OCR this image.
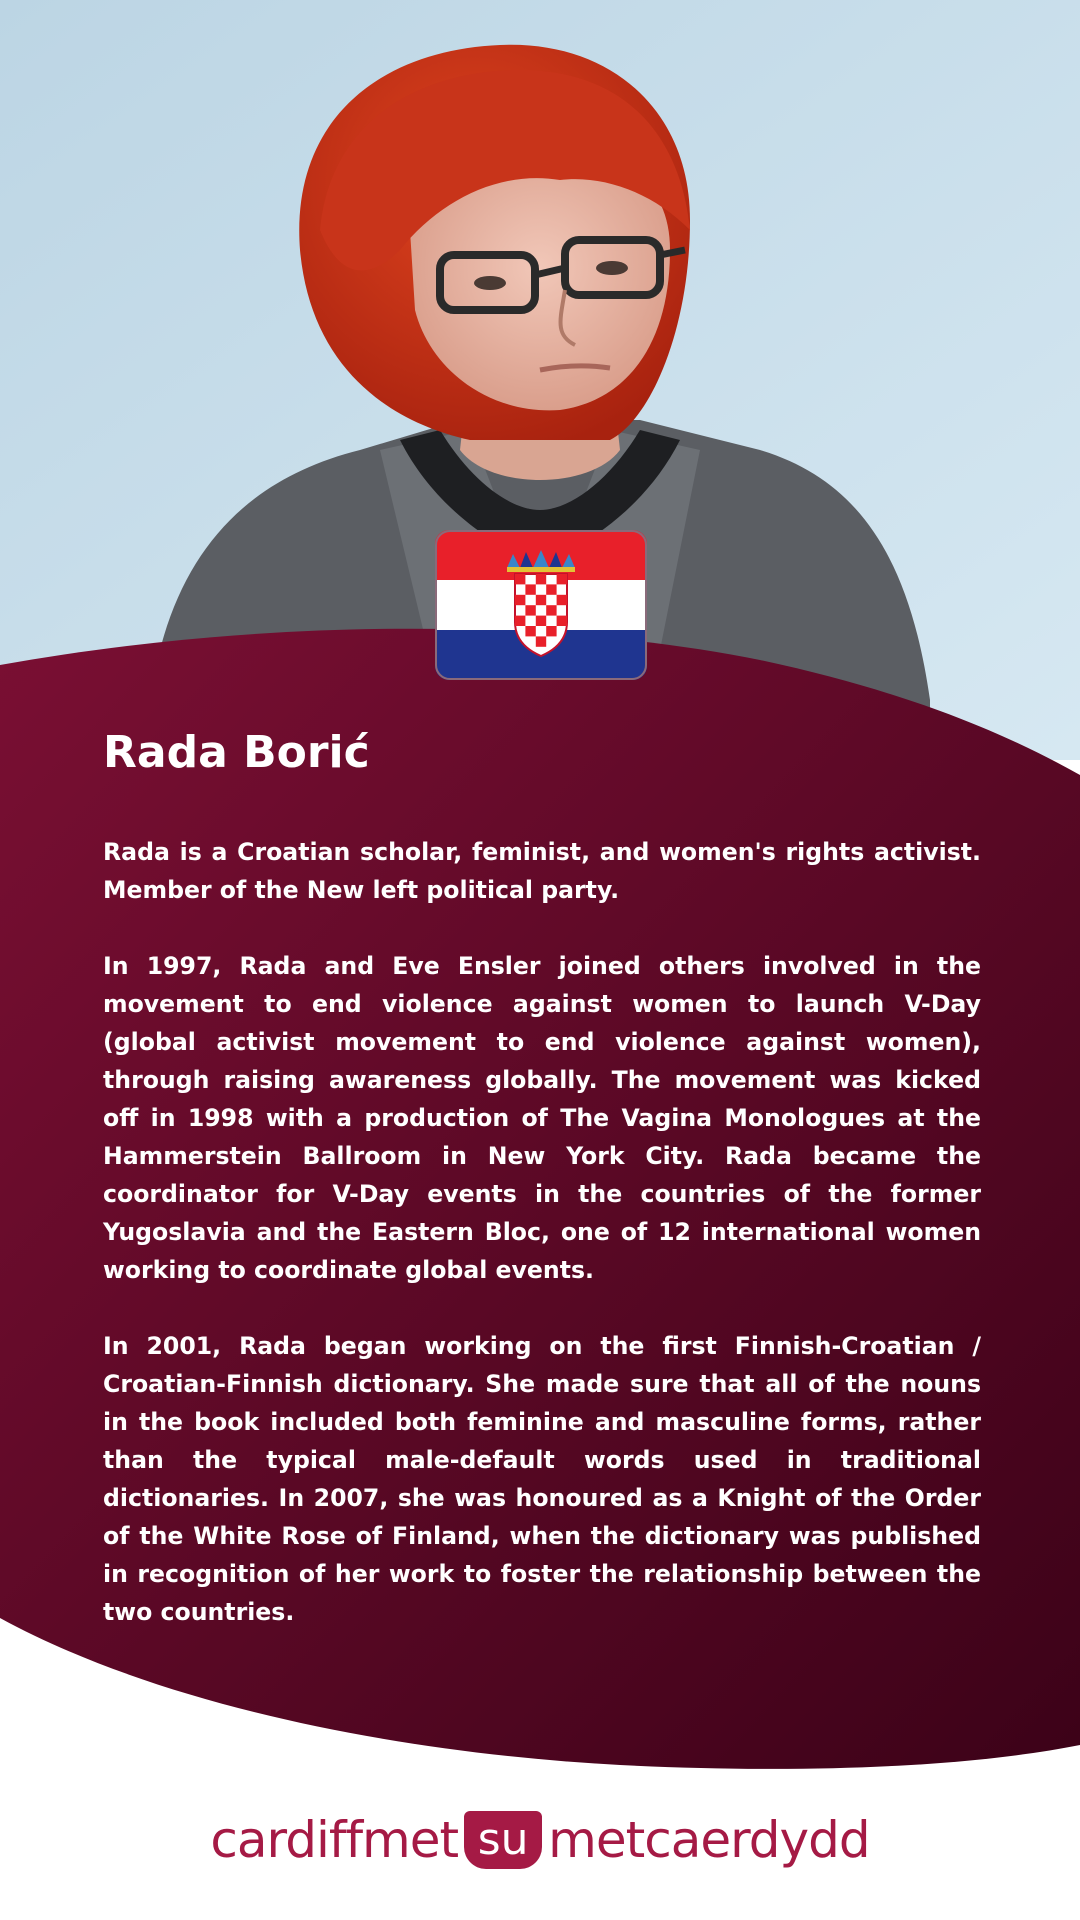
Rada Borić

Rada is a Croatian scholar, feminist, and women's rights activist. Member of the New left political party.

In 1997, Rada and Eve Ensler joined others involved in the movement to end violence against women to launch V-Day (global activist movement to end violence against women), through raising awareness globally. The movement was kicked off in 1998 with a production of The Vagina Monologues at the Hammerstein Ballroom in New York City. Rada became the coordinator for V-Day events in the countries of the former Yugoslavia and the Eastern Bloc, one of 12 international women working to coordinate global events.

In 2001, Rada began working on the first Finnish-Croatian / Croatian-Finnish dictionary. She made sure that all of the nouns in the book included both feminine and masculine forms, rather than the typical male-default words used in traditional dictionaries. In 2007, she was honoured as a Knight of the Order of the White Rose of Finland, when the dictionary was published in recognition of her work to foster the relationship between the two countries.

cardiffmet su metcaerdydd
